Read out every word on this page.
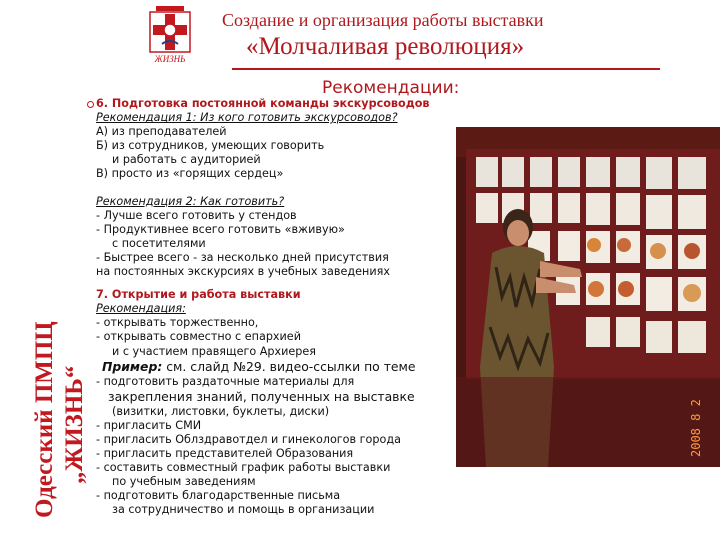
ЖИЗНЬ
Создание и организация работы выставки
«Молчаливая революция»
Рекомендации:
Одесский ПМПЦ „ЖИЗНЬ“
6. Подготовка постоянной команды экскурсоводов
Рекомендация 1: Из кого готовить экскурсоводов?
А) из преподавателей
Б) из сотрудников, умеющих говорить
и работать с аудиторией
В) просто из «горящих сердец»
Рекомендация 2: Как готовить?
- Лучше всего готовить у стендов
- Продуктивнее всего готовить «вживую»
с посетителями
- Быстрее всего - за несколько дней присутствия
на постоянных экскурсиях в учебных заведениях
7. Открытие и работа выставки
Рекомендация:
- открывать торжественно,
- открывать совместно с епархией
и с участием правящего Архиерея
Пример: см. слайд №29. видео-ссылки по теме
- подготовить раздаточные материалы для
закрепления знаний, полученных на выставке
(визитки, листовки, буклеты, диски)
- пригласить СМИ
- пригласить Облздравотдел и гинекологов города
- пригласить представителей Образования
- составить совместный график работы выставки
по учебным заведениям
- подготовить благодарственные письма
за сотрудничество и помощь в организации
2008 8 2
